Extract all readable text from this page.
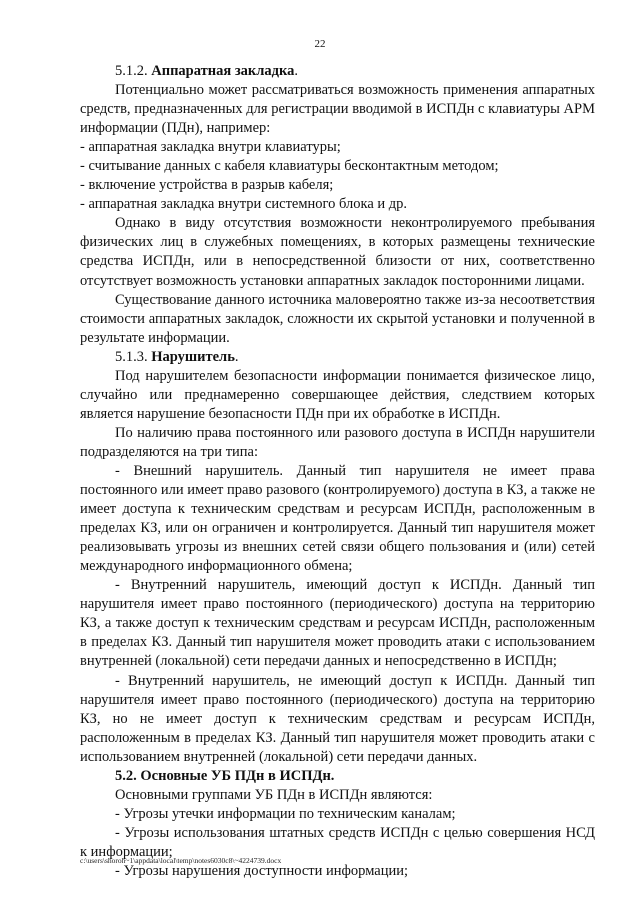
22

5.1.2. Аппаратная закладка.

Потенциально может рассматриваться возможность применения аппаратных средств, предназначенных для регистрации вводимой в ИСПДн с клавиатуры АРМ информации (ПДн), например:

- аппаратная закладка внутри клавиатуры;

- считывание данных с кабеля клавиатуры бесконтактным методом;

- включение устройства в разрыв кабеля;

- аппаратная закладка внутри системного блока и др.

Однако в виду отсутствия возможности неконтролируемого пребывания физических лиц в служебных помещениях, в которых размещены технические средства ИСПДн, или в непосредственной близости от них, соответственно отсутствует возможность установки аппаратных закладок посторонними лицами.

Существование данного источника маловероятно также из-за несоответствия стоимости аппаратных закладок, сложности их скрытой установки и полученной в результате информации.

5.1.3. Нарушитель.

Под нарушителем безопасности информации понимается физическое лицо, случайно или преднамеренно совершающее действия, следствием которых является нарушение безопасности ПДн при их обработке в ИСПДн.

По наличию права постоянного или разового доступа в ИСПДн нарушители подразделяются на три типа:

- Внешний нарушитель. Данный тип нарушителя не имеет права постоянного или имеет право разового (контролируемого) доступа в КЗ, а также не имеет доступа к техническим средствам и ресурсам ИСПДн, расположенным в пределах КЗ, или он ограничен и контролируется. Данный тип нарушителя может реализовывать угрозы из внешних сетей связи общего пользования и (или) сетей международного информационного обмена;

- Внутренний нарушитель, имеющий доступ к ИСПДн. Данный тип нарушителя имеет право постоянного (периодического) доступа на территорию КЗ, а также доступ к техническим средствам и ресурсам ИСПДн, расположенным в пределах КЗ. Данный тип нарушителя может проводить атаки с использованием внутренней (локальной) сети передачи данных и непосредственно в ИСПДн;

- Внутренний нарушитель, не имеющий доступ к ИСПДн. Данный тип нарушителя имеет право постоянного (периодического) доступа на территорию КЗ, но не имеет доступ к техническим средствам и ресурсам ИСПДн, расположенным в пределах КЗ. Данный тип нарушителя может проводить атаки с использованием внутренней (локальной) сети передачи данных.

5.2. Основные УБ ПДн в ИСПДн.

Основными группами УБ ПДн в ИСПДн являются:

- Угрозы утечки информации по техническим каналам;

- Угрозы использования штатных средств ИСПДн с целью совершения НСД к информации;

- Угрозы нарушения доступности информации;

c:\users\shoroh~1\appdata\local\temp\notes6030c8\~4224739.docx
